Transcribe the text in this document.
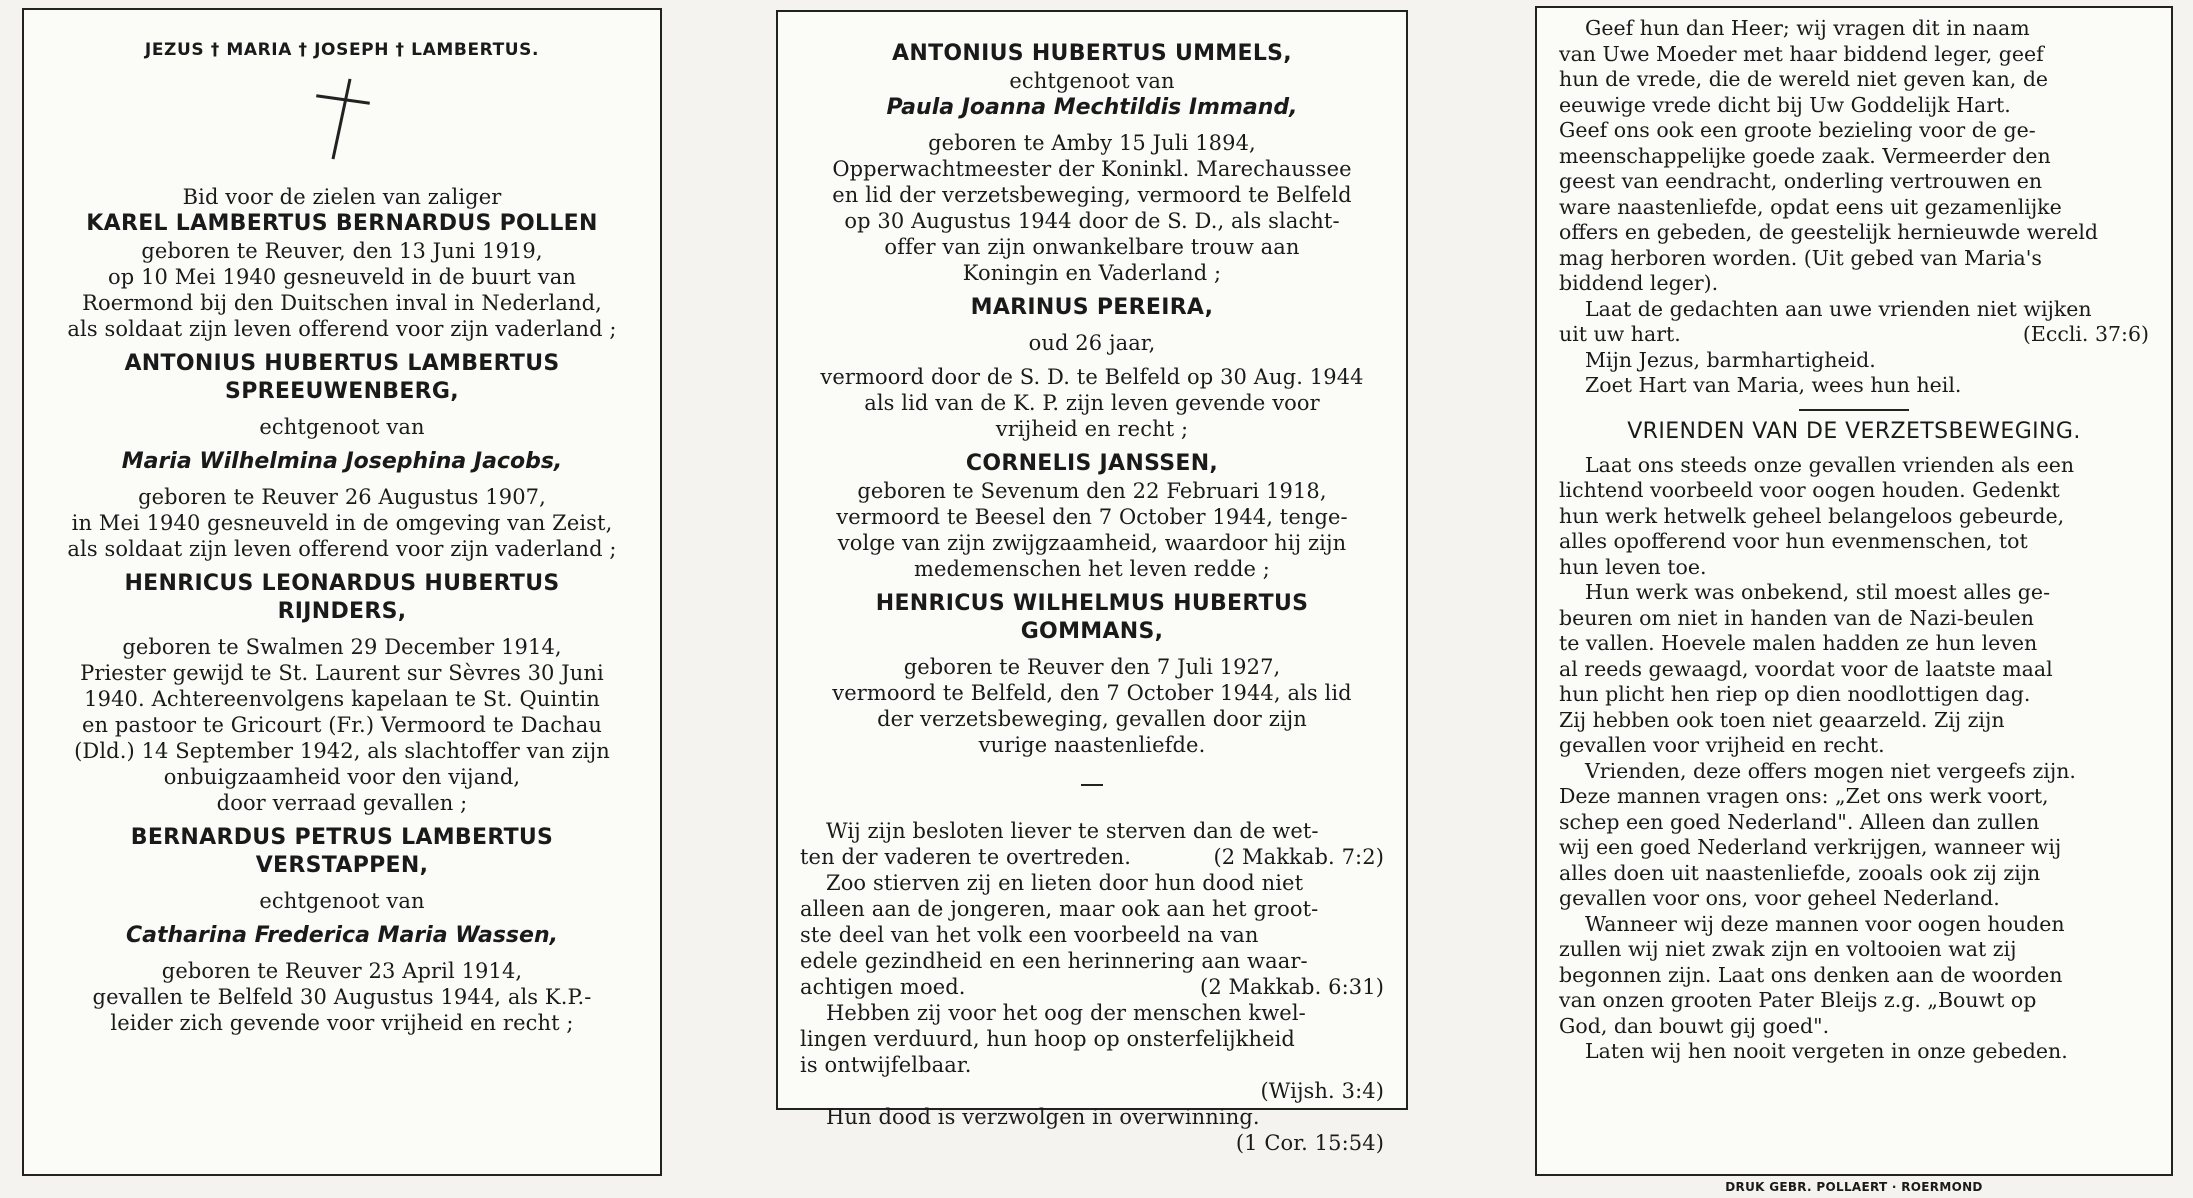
JEZUS † MARIA † JOSEPH † LAMBERTUS.
Bid voor de zielen van zaliger
KAREL LAMBERTUS BERNARDUS POLLEN
geboren te Reuver, den 13 Juni 1919,
op 10 Mei 1940 gesneuveld in de buurt van
Roermond bij den Duitschen inval in Nederland,
als soldaat zijn leven offerend voor zijn vaderland ;
ANTONIUS HUBERTUS LAMBERTUS
SPREEUWENBERG,
echtgenoot van
Maria Wilhelmina Josephina Jacobs,
geboren te Reuver 26 Augustus 1907,
in Mei 1940 gesneuveld in de omgeving van Zeist,
als soldaat zijn leven offerend voor zijn vaderland ;
HENRICUS LEONARDUS HUBERTUS
RIJNDERS,
geboren te Swalmen 29 December 1914,
Priester gewijd te St. Laurent sur Sèvres 30 Juni
1940. Achtereenvolgens kapelaan te St. Quintin
en pastoor te Gricourt (Fr.) Vermoord te Dachau
(Dld.) 14 September 1942, als slachtoffer van zijn
onbuigzaamheid voor den vijand,
door verraad gevallen ;
BERNARDUS PETRUS LAMBERTUS
VERSTAPPEN,
echtgenoot van
Catharina Frederica Maria Wassen,
geboren te Reuver 23 April 1914,
gevallen te Belfeld 30 Augustus 1944, als K.P.-
leider zich gevende voor vrijheid en recht ;
ANTONIUS HUBERTUS UMMELS,
echtgenoot van
Paula Joanna Mechtildis Immand,
geboren te Amby 15 Juli 1894,
Opperwachtmeester der Koninkl. Marechaussee
en lid der verzetsbeweging, vermoord te Belfeld
op 30 Augustus 1944 door de S. D., als slacht-
offer van zijn onwankelbare trouw aan
Koningin en Vaderland ;
MARINUS PEREIRA,
oud 26 jaar,
vermoord door de S. D. te Belfeld op 30 Aug. 1944
als lid van de K. P. zijn leven gevende voor
vrijheid en recht ;
CORNELIS JANSSEN,
geboren te Sevenum den 22 Februari 1918,
vermoord te Beesel den 7 October 1944, tenge-
volge van zijn zwijgzaamheid, waardoor hij zijn
medemenschen het leven redde ;
HENRICUS WILHELMUS HUBERTUS
GOMMANS,
geboren te Reuver den 7 Juli 1927,
vermoord te Belfeld, den 7 October 1944, als lid
der verzetsbeweging, gevallen door zijn
vurige naastenliefde.
Wij zijn besloten liever te sterven dan de wet-
ten der vaderen te overtreden.	(2 Makkab. 7:2)
Zoo stierven zij en lieten door hun dood niet
alleen aan de jongeren, maar ook aan het groot-
ste deel van het volk een voorbeeld na van
edele gezindheid en een herinnering aan waar-
achtigen moed.	(2 Makkab. 6:31)
Hebben zij voor het oog der menschen kwel-
lingen verduurd, hun hoop op onsterfelijkheid
is ontwijfelbaar.
(Wijsh. 3:4)

Hun dood is verzwolgen in overwinning.
(1 Cor. 15:54)

Geef hun dan Heer; wij vragen dit in naam
van Uwe Moeder met haar biddend leger, geef
hun de vrede, die de wereld niet geven kan, de
eeuwige vrede dicht bij Uw Goddelijk Hart.
Geef ons ook een groote bezieling voor de ge-
meenschappelijke goede zaak. Vermeerder den
geest van eendracht, onderling vertrouwen en
ware naastenliefde, opdat eens uit gezamenlijke
offers en gebeden, de geestelijk hernieuwde wereld
mag herboren worden. (Uit gebed van Maria's
biddend leger).
Laat de gedachten aan uwe vrienden niet wijken
uit uw hart.	(Eccli. 37:6)
Mijn Jezus, barmhartigheid.
Zoet Hart van Maria, wees hun heil.
VRIENDEN VAN DE VERZETSBEWEGING.
Laat ons steeds onze gevallen vrienden als een
lichtend voorbeeld voor oogen houden. Gedenkt
hun werk hetwelk geheel belangeloos gebeurde,
alles opofferend voor hun evenmenschen, tot
hun leven toe.
Hun werk was onbekend, stil moest alles ge-
beuren om niet in handen van de Nazi-beulen
te vallen. Hoevele malen hadden ze hun leven
al reeds gewaagd, voordat voor de laatste maal
hun plicht hen riep op dien noodlottigen dag.
Zij hebben ook toen niet geaarzeld. Zij zijn
gevallen voor vrijheid en recht.
Vrienden, deze offers mogen niet vergeefs zijn.
Deze mannen vragen ons: „Zet ons werk voort,
schep een goed Nederland". Alleen dan zullen
wij een goed Nederland verkrijgen, wanneer wij
alles doen uit naastenliefde, zooals ook zij zijn
gevallen voor ons, voor geheel Nederland.
Wanneer wij deze mannen voor oogen houden
zullen wij niet zwak zijn en voltooien wat zij
begonnen zijn. Laat ons denken aan de woorden
van onzen grooten Pater Bleijs z.g. „Bouwt op
God, dan bouwt gij goed".
Laten wij hen nooit vergeten in onze gebeden.
DRUK GEBR. POLLAERT · ROERMOND
